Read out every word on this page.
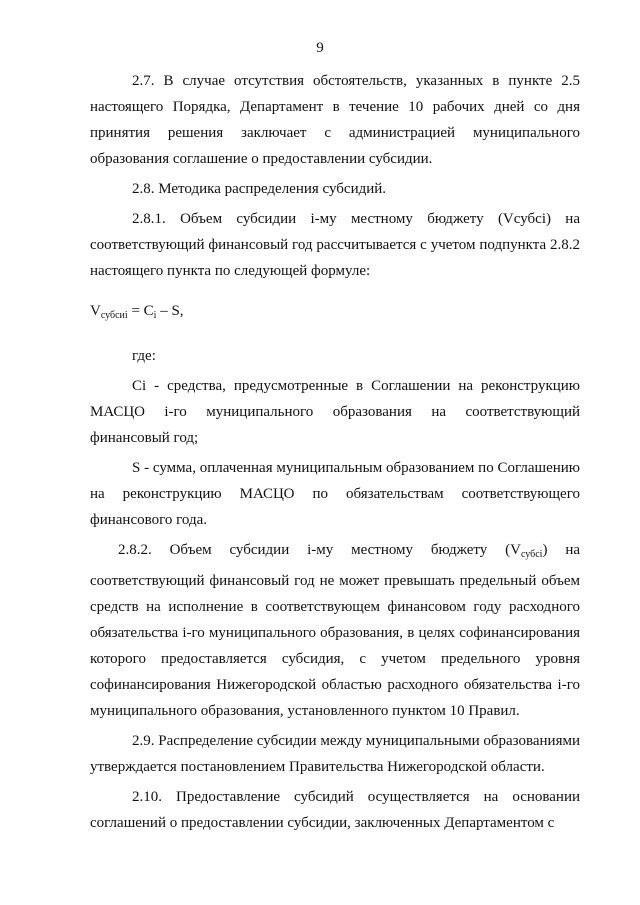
9

2.7. В случае отсутствия обстоятельств, указанных в пункте 2.5 настоящего Порядка, Департамент в течение 10 рабочих дней со дня принятия решения заключает с администрацией муниципального образования соглашение о предоставлении субсидии.

2.8. Методика распределения субсидий.

2.8.1. Объем субсидии i-му местному бюджету (Vсубсi) на соответствующий финансовый год рассчитывается с учетом подпункта 2.8.2 настоящего пункта по следующей формуле:

$V_{субсиi} = C_i - S$,

где:

Ci - средства, предусмотренные в Соглашении на реконструкцию МАСЦО i-го муниципального образования на соответствующий финансовый год;

S - сумма, оплаченная муниципальным образованием по Соглашению на реконструкцию МАСЦО по обязательствам соответствующего финансового года.

2.8.2. Объем субсидии i-му местному бюджету $(V_{субсi})$ на соответствующий финансовый год не может превышать предельный объем средств на исполнение в соответствующем финансовом году расходного обязательства i-го муниципального образования, в целях софинансирования которого предоставляется субсидия, с учетом предельного уровня софинансирования Нижегородской областью расходного обязательства i-го муниципального образования, установленного пунктом 10 Правил.

2.9. Распределение субсидии между муниципальными образованиями утверждается постановлением Правительства Нижегородской области.

2.10. Предоставление субсидий осуществляется на основании соглашений о предоставлении субсидии, заключенных Департаментом с
